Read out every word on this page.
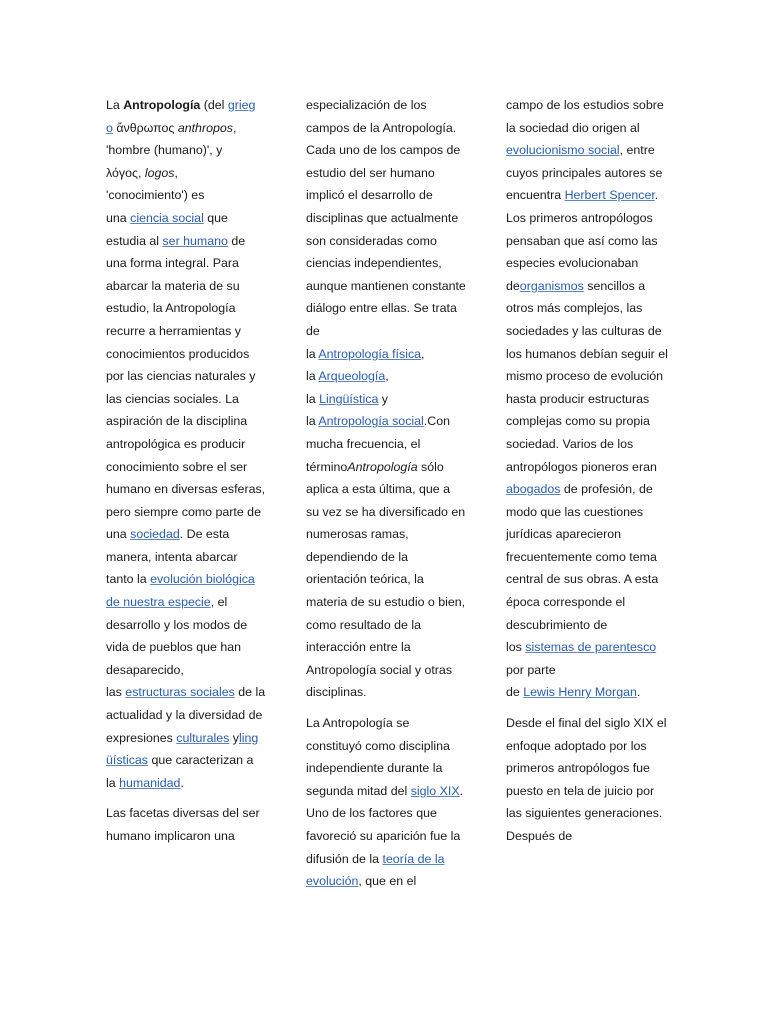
La Antropología (del grieg
o ἄνθρωπος anthropos,
'hombre (humano)', y
λόγος, logos,
'conocimiento') es
una ciencia social que
estudia al ser humano de
una forma integral. Para abarcar la materia de su estudio, la Antropología recurre a herramientas y conocimientos producidos por las ciencias naturales y las ciencias sociales. La aspiración de la disciplina antropológica es producir conocimiento sobre el ser humano en diversas esferas, pero siempre como parte de
una sociedad. De esta manera, intenta abarcar tanto la evolución biológica de nuestra especie, el desarrollo y los modos de vida de pueblos que han desaparecido,
las estructuras sociales de la actualidad y la diversidad de
expresiones culturales yling
üísticas que caracterizan a
la humanidad.

Las facetas diversas del ser humano implicaron una

especialización de los campos de la Antropología. Cada uno de los campos de estudio del ser humano implicó el desarrollo de disciplinas que actualmente son consideradas como ciencias independientes, aunque mantienen constante diálogo entre ellas. Se trata de
la Antropología física,
la Arqueología,
la Lingüística y
la Antropología social.Con mucha frecuencia, el
términoAntropología sólo aplica a esta última, que a su vez se ha diversificado en numerosas ramas, dependiendo de la orientación teórica, la materia de su estudio o bien, como resultado de la interacción entre la Antropología social y otras disciplinas.

La Antropología se constituyó como disciplina independiente durante la segunda mitad del siglo XIX. Uno de los factores que favoreció su aparición fue la difusión de la teoría de la evolución, que en el

campo de los estudios sobre la sociedad dio origen al evolucionismo social, entre cuyos principales autores se encuentra Herbert Spencer. Los primeros antropólogos pensaban que así como las especies evolucionaban
deorganismos sencillos a otros más complejos, las sociedades y las culturas de los humanos debían seguir el mismo proceso de evolución hasta producir estructuras complejas como su propia sociedad. Varios de los antropólogos pioneros eran abogados de profesión, de modo que las cuestiones jurídicas aparecieron frecuentemente como tema central de sus obras. A esta época corresponde el descubrimiento de
los sistemas de parentesco por parte
de Lewis Henry Morgan.

Desde el final del siglo XIX el enfoque adoptado por los primeros antropólogos fue puesto en tela de juicio por las siguientes generaciones. Después de
